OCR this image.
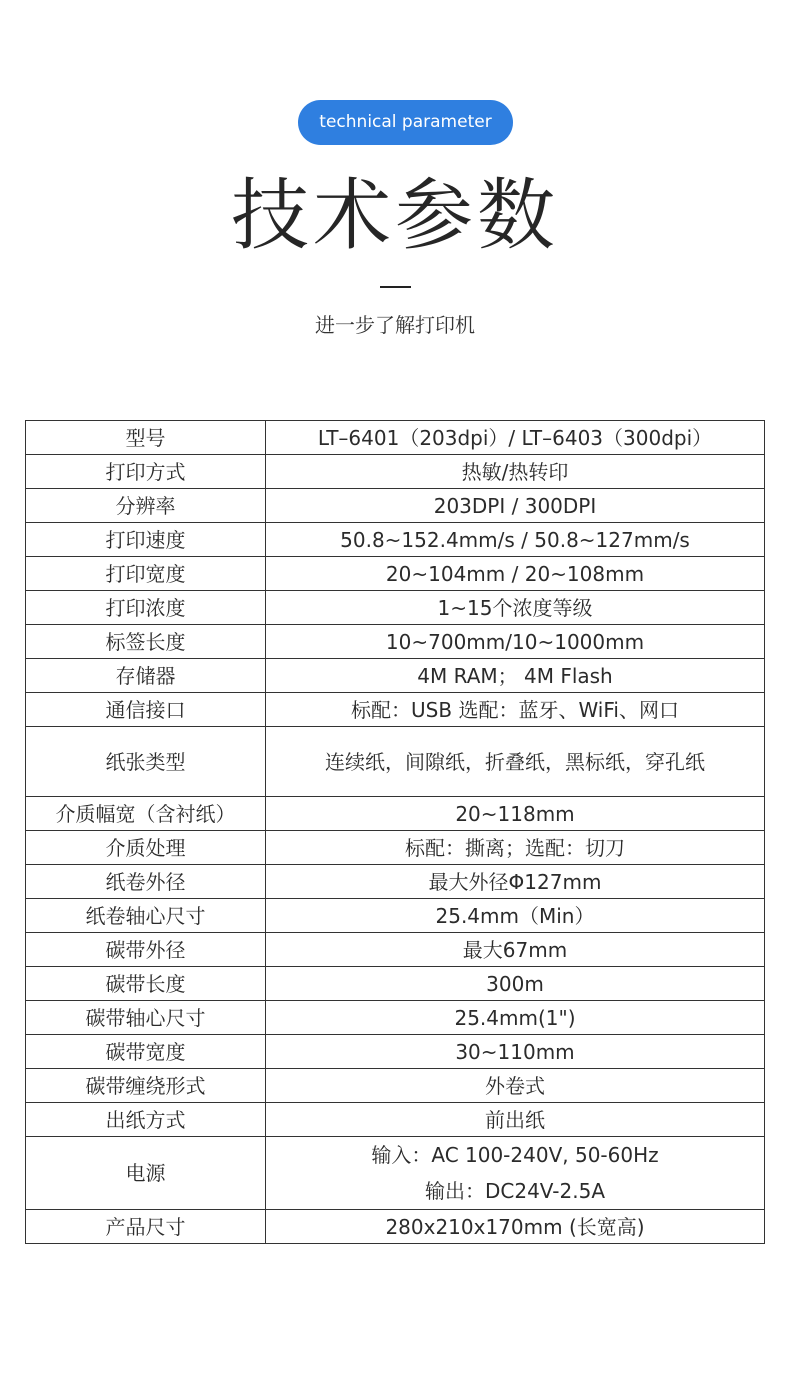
technical parameter
技术参数
进一步了解打印机
型号	LT–6401（203dpi）/ LT–6403（300dpi）
打印方式	热敏/热转印
分辨率	203DPI / 300DPI
打印速度	50.8~152.4mm/s / 50.8~127mm/s
打印宽度	20~104mm / 20~108mm
打印浓度	1~15个浓度等级
标签长度	10~700mm/10~1000mm
存储器	4M RAM； 4M Flash
通信接口	标配：USB 选配：蓝牙、WiFi、网口
纸张类型	连续纸，间隙纸，折叠纸，黑标纸，穿孔纸
介质幅宽（含衬纸）	20~118mm
介质处理	标配：撕离；选配：切刀
纸卷外径	最大外径Φ127mm
纸卷轴心尺寸	25.4mm（Min）
碳带外径	最大67mm
碳带长度	300m
碳带轴心尺寸	25.4mm(1")
碳带宽度	30~110mm
碳带缠绕形式	外卷式
出纸方式	前出纸
电源	输入：AC 100-240V, 50-60Hz
输出：DC24V-2.5A

产品尺寸	280x210x170mm (长宽高)
